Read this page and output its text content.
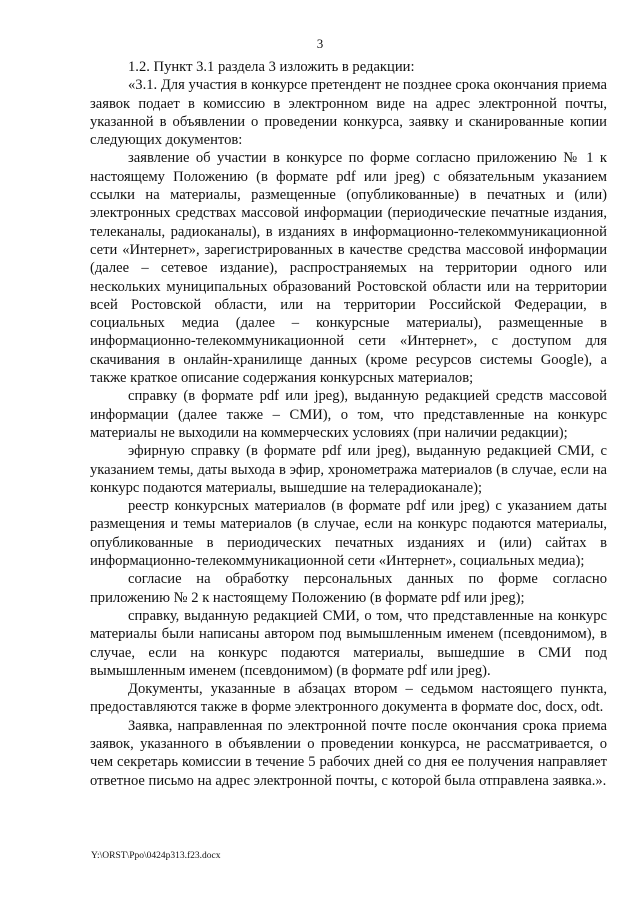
3

1.2. Пункт 3.1 раздела 3 изложить в редакции:

«3.1. Для участия в конкурсе претендент не позднее срока окончания приема заявок подает в комиссию в электронном виде на адрес электронной почты, указанной в объявлении о проведении конкурса, заявку и сканированные копии следующих документов:

заявление об участии в конкурсе по форме согласно приложению № 1 к настоящему Положению (в формате pdf или jpeg) с обязательным указанием ссылки на материалы, размещенные (опубликованные) в печатных и (или) электронных средствах массовой информации (периодические печатные издания, телеканалы, радиоканалы), в изданиях в информационно-телекоммуникационной сети «Интернет», зарегистрированных в качестве средства массовой информации (далее – сетевое издание), распространяемых на территории одного или нескольких муниципальных образований Ростовской области или на территории всей Ростовской области, или на территории Российской Федерации, в социальных медиа (далее – конкурсные материалы), размещенные в информационно-телекоммуникационной сети «Интернет», с доступом для скачивания в онлайн-хранилище данных (кроме ресурсов системы Google), а также краткое описание содержания конкурсных материалов;

справку (в формате pdf или jpeg), выданную редакцией средств массовой информации (далее также – СМИ), о том, что представленные на конкурс материалы не выходили на коммерческих условиях (при наличии редакции);

эфирную справку (в формате pdf или jpeg), выданную редакцией СМИ, с указанием темы, даты выхода в эфир, хронометража материалов (в случае, если на конкурс подаются материалы, вышедшие на телерадиоканале);

реестр конкурсных материалов (в формате pdf или jpeg) с указанием даты размещения и темы материалов (в случае, если на конкурс подаются материалы, опубликованные в периодических печатных изданиях и (или) сайтах в информационно-телекоммуникационной сети «Интернет», социальных медиа);

согласие на обработку персональных данных по форме согласно приложению № 2 к настоящему Положению (в формате pdf или jpeg);

справку, выданную редакцией СМИ, о том, что представленные на конкурс материалы были написаны автором под вымышленным именем (псевдонимом), в случае, если на конкурс подаются материалы, вышедшие в СМИ под вымышленным именем (псевдонимом) (в формате pdf или jpeg).

Документы, указанные в абзацах втором – седьмом настоящего пункта, предоставляются также в форме электронного документа в формате doc, docx, odt.

Заявка, направленная по электронной почте после окончания срока приема заявок, указанного в объявлении о проведении конкурса, не рассматривается, о чем секретарь комиссии в течение 5 рабочих дней со дня ее получения направляет ответное письмо на адрес электронной почты, с которой была отправлена заявка.».

Y:\ORST\Ppo\0424p313.f23.docx
